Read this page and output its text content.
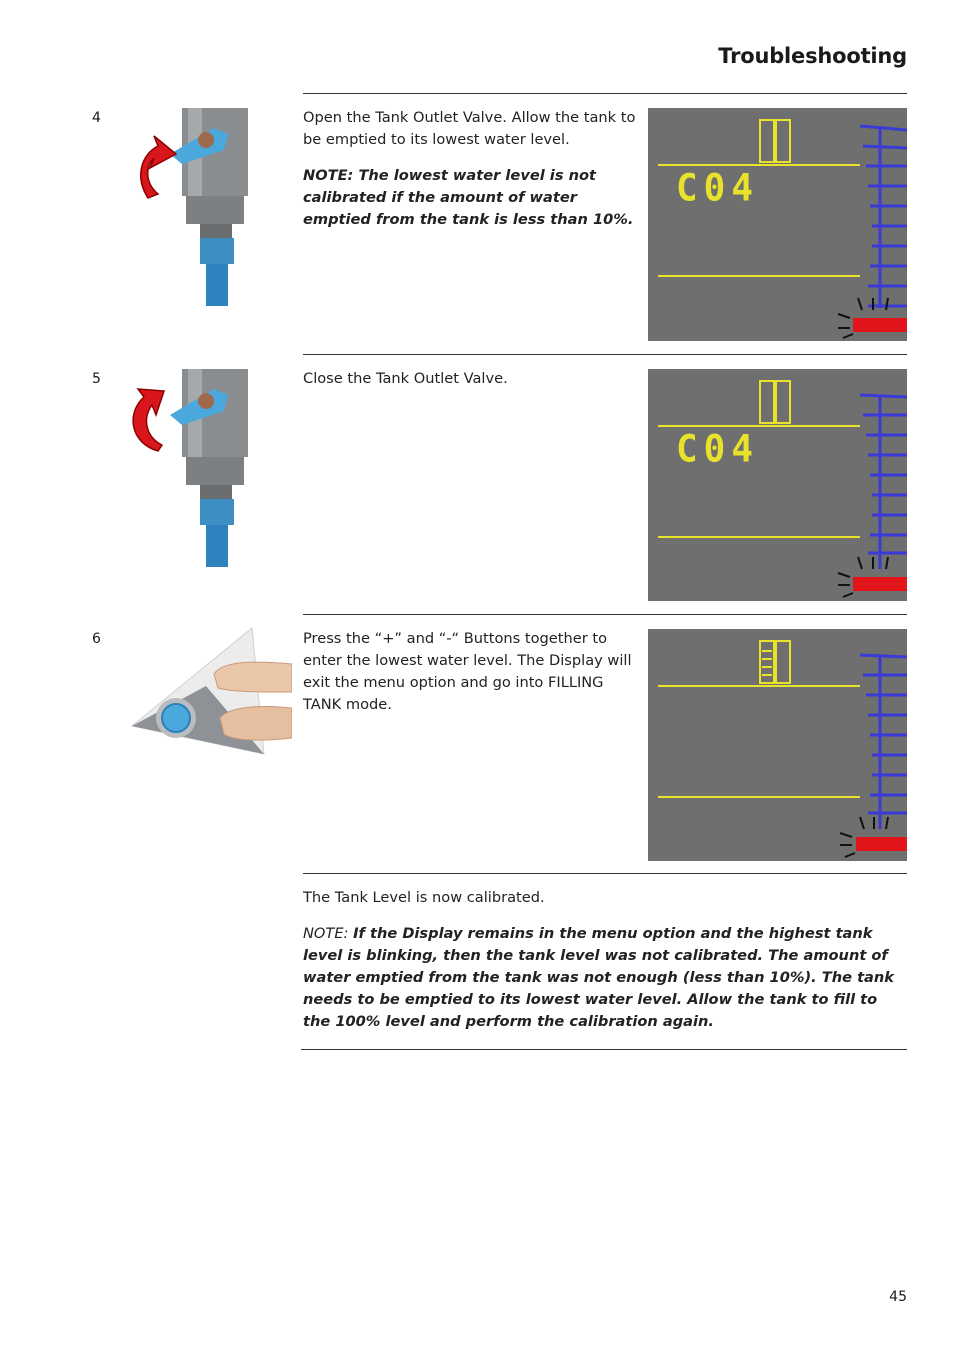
Troubleshooting
4	Open the Tank Outlet Valve. Allow the tank to be emptied to its lowest water level.

NOTE: The lowest water level is not calibrated if the amount of water emptied from the tank is less than 10%.

C04
5	Close the Tank Outlet Valve.

C04
6	Press the “+” and “-“ Buttons together to enter the lowest water level. The Display will exit the menu option and go into FILLING TANK mode.

The Tank Level is now calibrated.

NOTE: If the Display remains in the menu option and the highest tank level is blinking, then the tank level was not calibrated. The amount of water emptied from the tank was not enough (less than 10%). The tank needs to be emptied to its lowest water level. Allow the tank to fill to the 100% level and perform the calibration again.

45
